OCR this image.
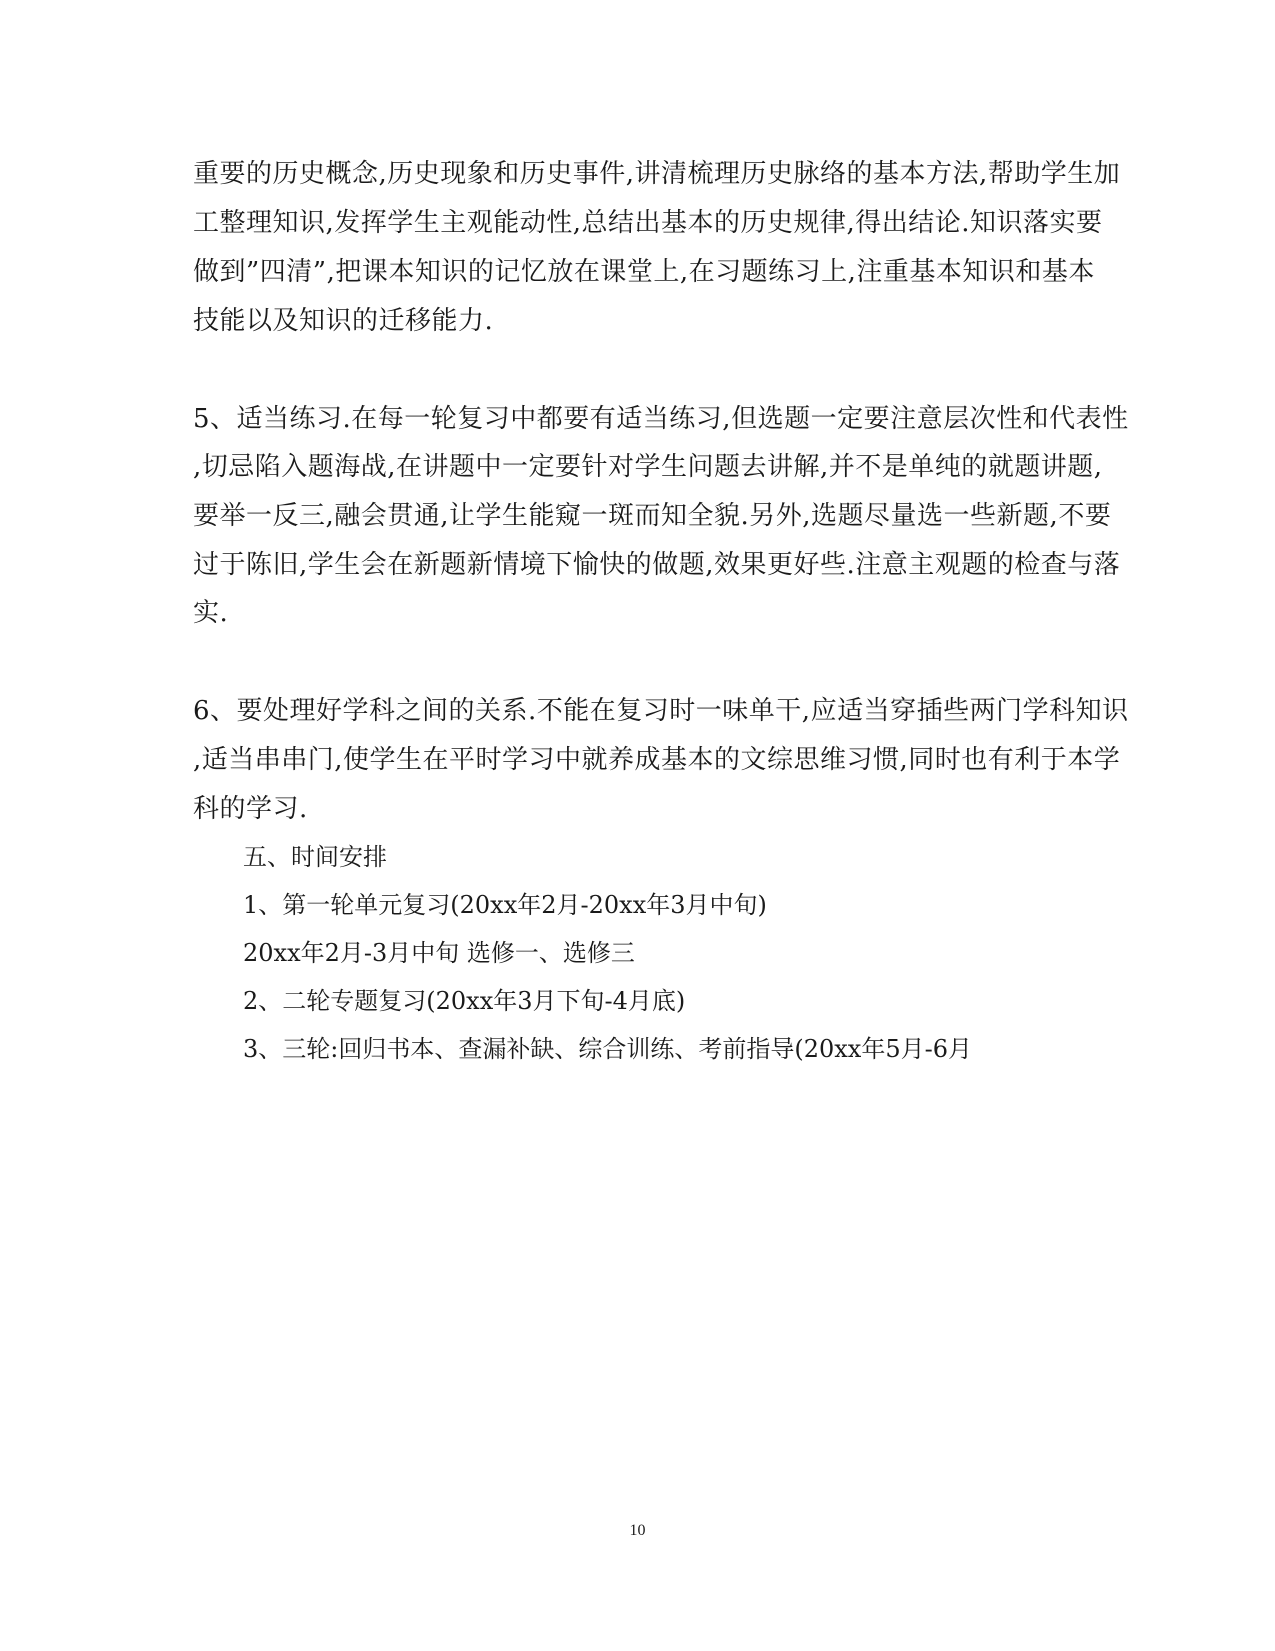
重要的历史概念,历史现象和历史事件,讲清梳理历史脉络的基本方法,帮助学生加
工整理知识,发挥学生主观能动性,总结出基本的历史规律,得出结论.知识落实要
做到”四清”,把课本知识的记忆放在课堂上,在习题练习上,注重基本知识和基本
技能以及知识的迁移能力.
5、适当练习.在每一轮复习中都要有适当练习,但选题一定要注意层次性和代表性
,切忌陷入题海战,在讲题中一定要针对学生问题去讲解,并不是单纯的就题讲题,
要举一反三,融会贯通,让学生能窥一斑而知全貌.另外,选题尽量选一些新题,不要
过于陈旧,学生会在新题新情境下愉快的做题,效果更好些.注意主观题的检查与落
实.
6、要处理好学科之间的关系.不能在复习时一味单干,应适当穿插些两门学科知识
,适当串串门,使学生在平时学习中就养成基本的文综思维习惯,同时也有利于本学
科的学习.
五、时间安排
1、第一轮单元复习(20xx年2月-20xx年3月中旬)
20xx年2月-3月中旬 选修一、选修三
2、二轮专题复习(20xx年3月下旬-4月底)
3、三轮:回归书本、查漏补缺、综合训练、考前指导(20xx年5月-6月
10
